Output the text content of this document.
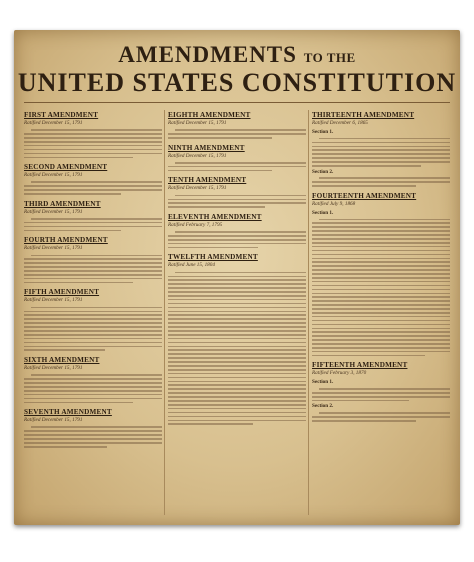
AMENDMENTS TO THE
UNITED STATES CONSTITUTION
FIRST AMENDMENT
Ratified December 15, 1791
SECOND AMENDMENT
Ratified December 15, 1791
THIRD AMENDMENT
Ratified December 15, 1791
FOURTH AMENDMENT
Ratified December 15, 1791
FIFTH AMENDMENT
Ratified December 15, 1791
SIXTH AMENDMENT
Ratified December 15, 1791
SEVENTH AMENDMENT
Ratified December 15, 1791
EIGHTH AMENDMENT
Ratified December 15, 1791
NINTH AMENDMENT
Ratified December 15, 1791
TENTH AMENDMENT
Ratified December 15, 1791
ELEVENTH AMENDMENT
Ratified February 7, 1795
TWELFTH AMENDMENT
Ratified June 15, 1804
THIRTEENTH AMENDMENT
Ratified December 6, 1865
Section 1.
Section 2.
FOURTEENTH AMENDMENT
Ratified July 9, 1868
Section 1.
FIFTEENTH AMENDMENT
Ratified February 3, 1870
Section 1.
Section 2.
